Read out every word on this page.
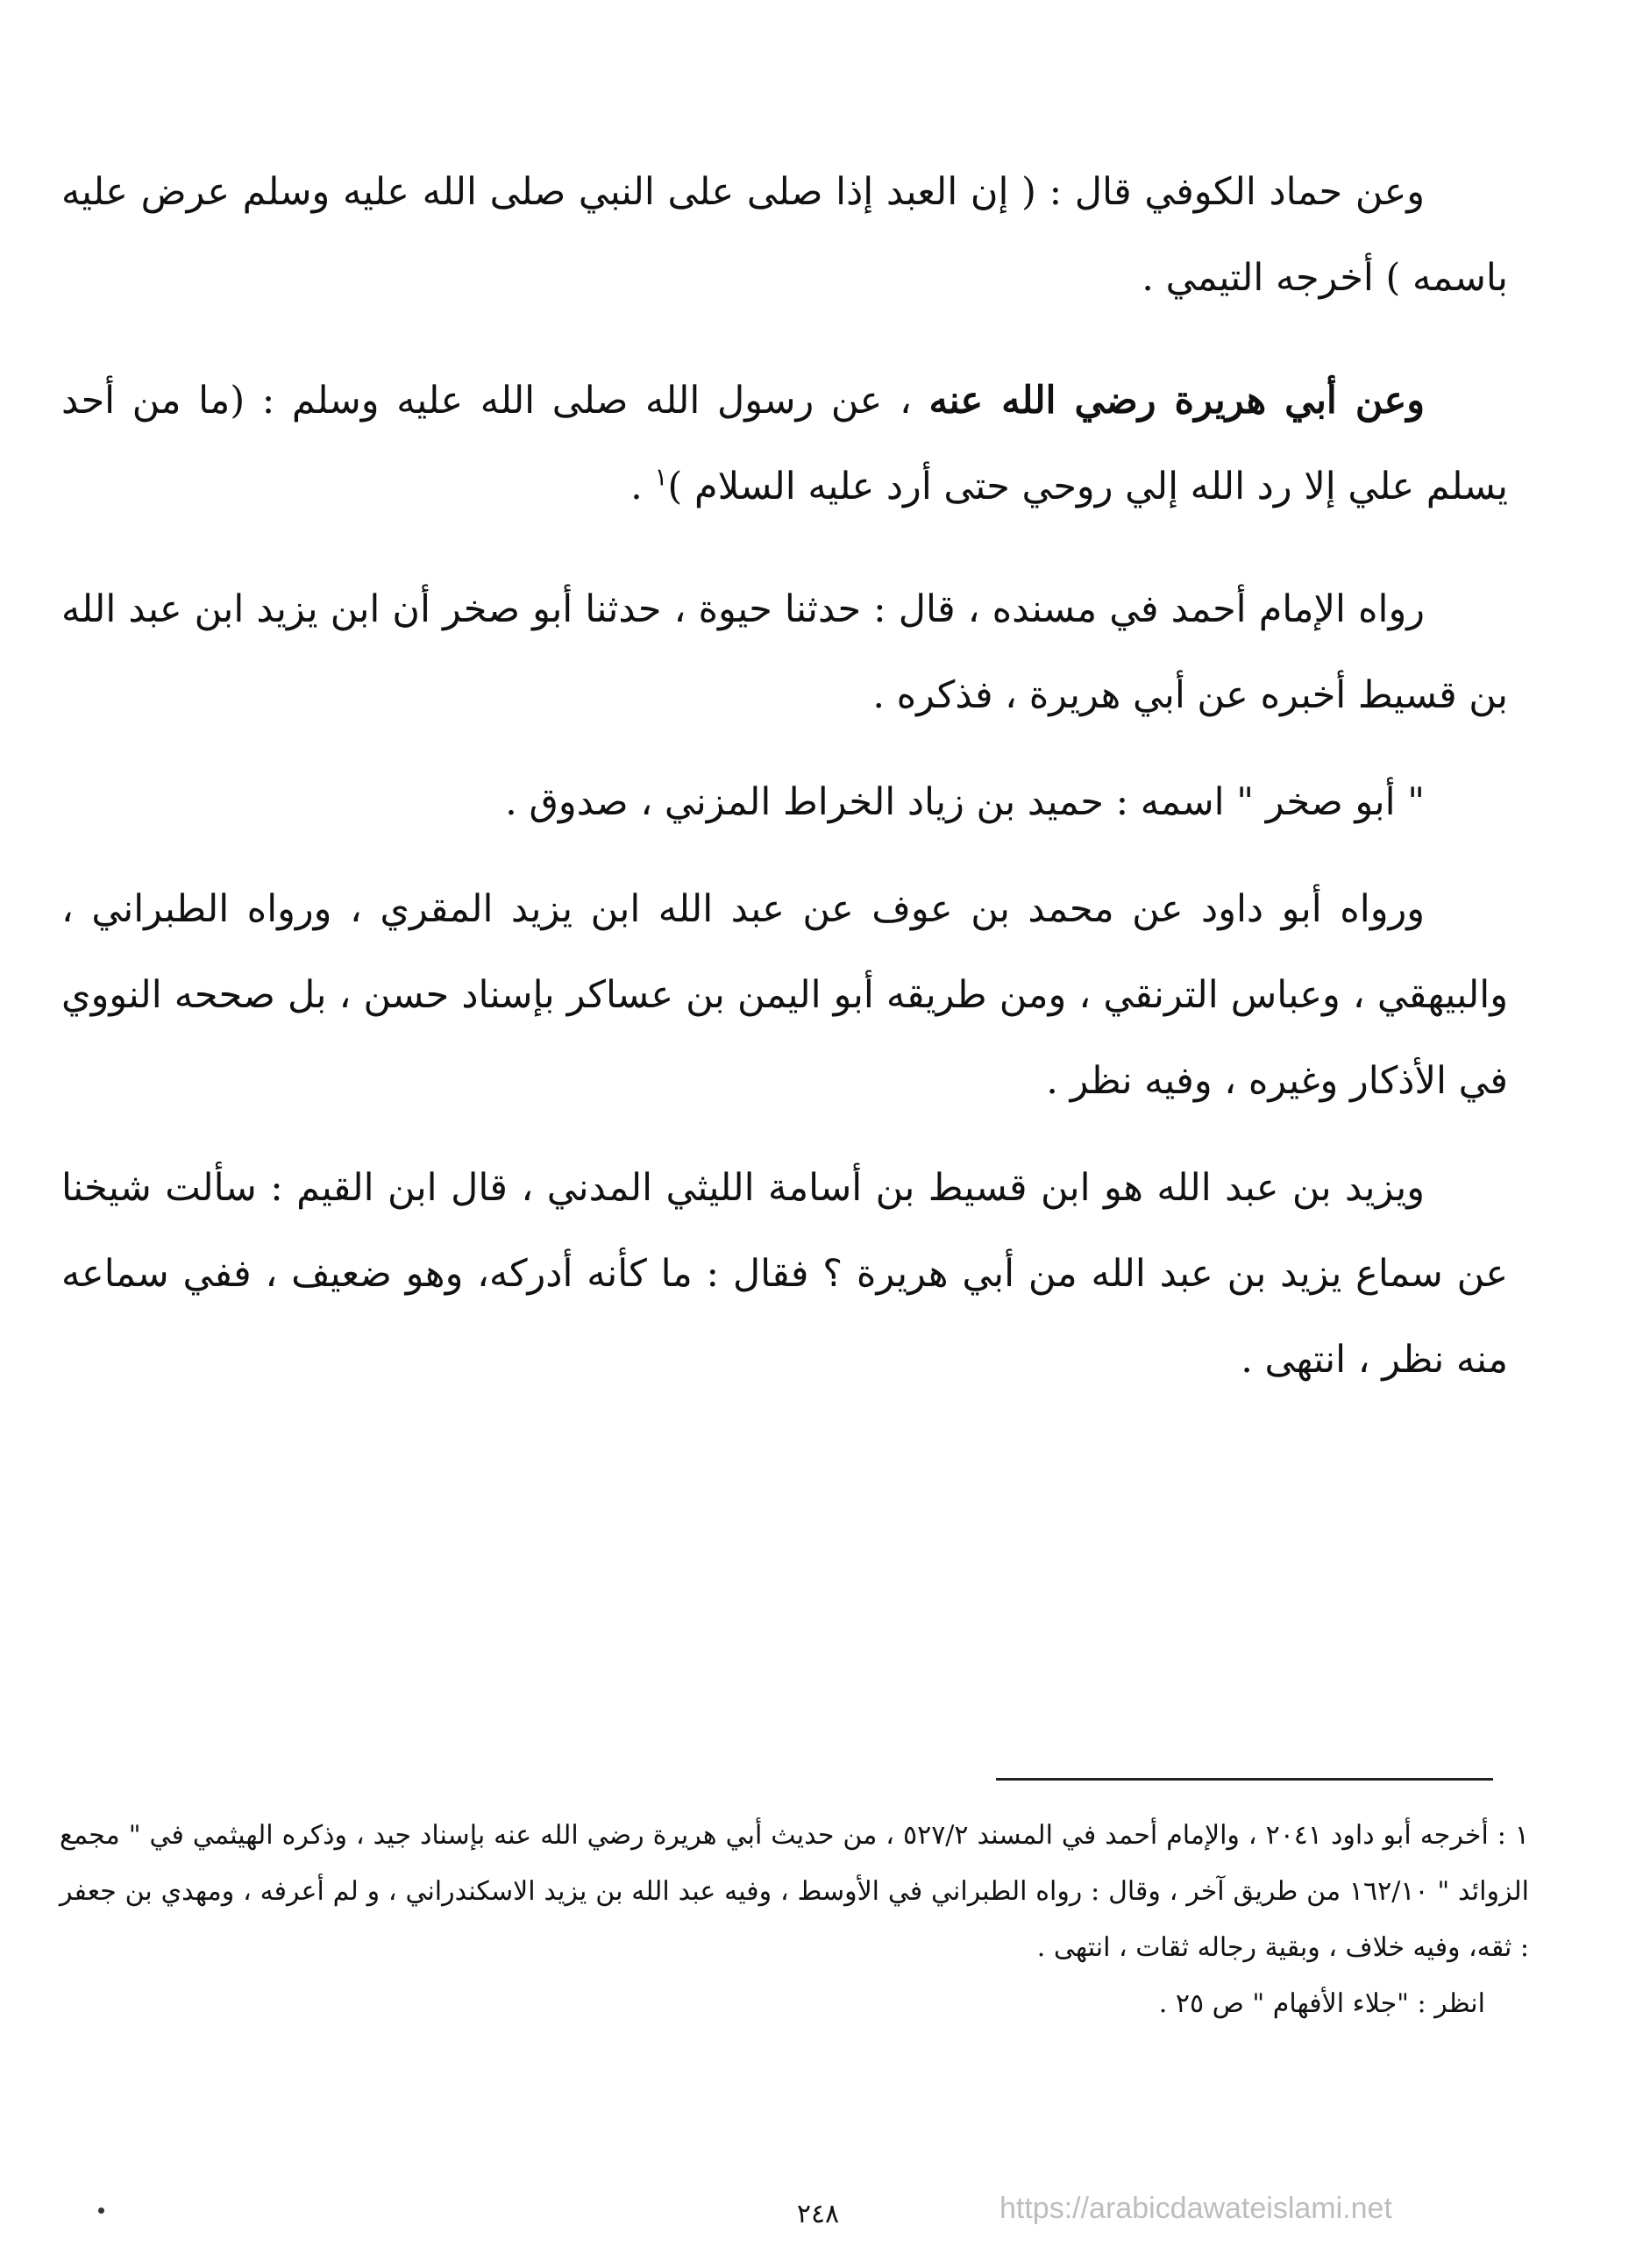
وعن حماد الكوفي قال : ( إن العبد إذا صلى على النبي صلى الله عليه وسلم عرض عليه باسمه ) أخرجه التيمي .

وعن أبي هريرة رضي الله عنه ، عن رسول الله صلى الله عليه وسلم : (ما من أحد يسلم علي إلا رد الله إلي روحي حتى أرد عليه السلام )$^١$ .

رواه الإمام أحمد في مسنده ، قال : حدثنا حيوة ، حدثنا أبو صخر أن ابن يزيد ابن عبد الله بن قسيط أخبره عن أبي هريرة ، فذكره .

" أبو صخر " اسمه : حميد بن زياد الخراط المزني ، صدوق .

ورواه أبو داود عن محمد بن عوف عن عبد الله ابن يزيد المقري ، ورواه الطبراني ، والبيهقي ، وعباس الترنقي ، ومن طريقه أبو اليمن بن عساكر بإسناد حسن ، بل صححه النووي في الأذكار وغيره ، وفيه نظر .

ويزيد بن عبد الله هو ابن قسيط بن أسامة الليثي المدني ، قال ابن القيم : سألت شيخنا عن سماع يزيد بن عبد الله من أبي هريرة ؟ فقال : ما كأنه أدركه، وهو ضعيف ، ففي سماعه منه نظر ، انتهى .

١ : أخرجه أبو داود ٢٠٤١ ، والإمام أحمد في المسند ٥٢٧/٢ ، من حديث أبي هريرة رضي الله عنه بإسناد جيد ، وذكره الهيثمي في " مجمع الزوائد " ١٦٢/١٠ من طريق آخر ، وقال : رواه الطبراني في الأوسط ، وفيه عبد الله بن يزيد الاسكندراني ، و لم أعرفه ، ومهدي بن جعفر : ثقه، وفيه خلاف ، وبقية رجاله ثقات ، انتهى .

انظر : "جلاء الأفهام " ص ٢٥ .

٢٤٨	https://arabicdawateislami.net
